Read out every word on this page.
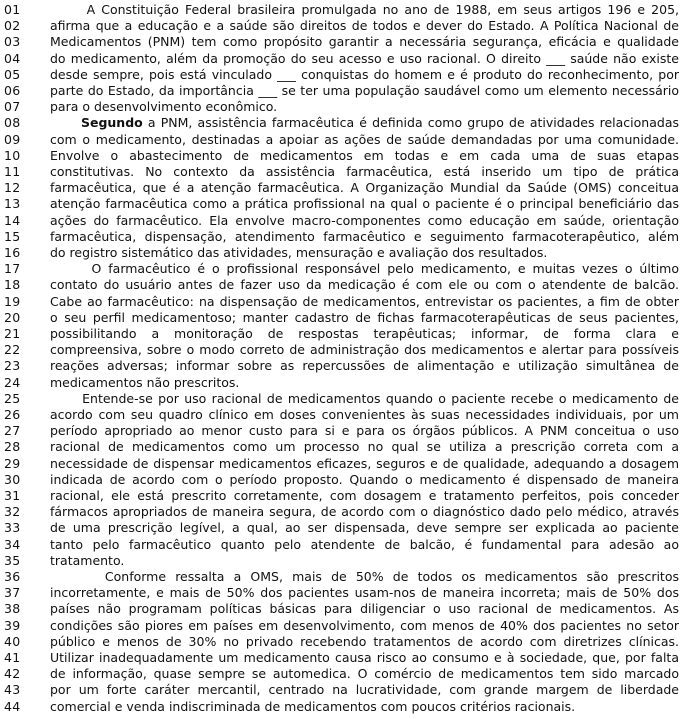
01	A Constituição Federal brasileira promulgada no ano de 1988, em seus artigos 196 e 205,
02	afirma que a educação e a saúde são direitos de todos e dever do Estado. A Política Nacional de
03	Medicamentos (PNM) tem como propósito garantir a necessária segurança, eficácia e qualidade
04	do medicamento, além da promoção do seu acesso e uso racional. O direito ___ saúde não existe
05	desde sempre, pois está vinculado ___ conquistas do homem e é produto do reconhecimento, por
06	parte do Estado, da importância ___ se ter uma população saudável como um elemento necessário
07	para o desenvolvimento econômico.
08	Segundo a PNM, assistência farmacêutica é definida como grupo de atividades relacionadas
09	com o medicamento, destinadas a apoiar as ações de saúde demandadas por uma comunidade.
10	Envolve o abastecimento de medicamentos em todas e em cada uma de suas etapas
11	constitutivas. No contexto da assistência farmacêutica, está inserido um tipo de prática
12	farmacêutica, que é a atenção farmacêutica. A Organização Mundial da Saúde (OMS) conceitua
13	atenção farmacêutica como a prática profissional na qual o paciente é o principal beneficiário das
14	ações do farmacêutico. Ela envolve macro-componentes como educação em saúde, orientação
15	farmacêutica, dispensação, atendimento farmacêutico e seguimento farmacoterapêutico, além
16	do registro sistemático das atividades, mensuração e avaliação dos resultados.
17	O farmacêutico é o profissional responsável pelo medicamento, e muitas vezes o último
18	contato do usuário antes de fazer uso da medicação é com ele ou com o atendente de balcão.
19	Cabe ao farmacêutico: na dispensação de medicamentos, entrevistar os pacientes, a fim de obter
20	o seu perfil medicamentoso; manter cadastro de fichas farmacoterapêuticas de seus pacientes,
21	possibilitando a monitoração de respostas terapêuticas; informar, de forma clara e
22	compreensiva, sobre o modo correto de administração dos medicamentos e alertar para possíveis
23	reações adversas; informar sobre as repercussões de alimentação e utilização simultânea de
24	medicamentos não prescritos.
25	Entende-se por uso racional de medicamentos quando o paciente recebe o medicamento de
26	acordo com seu quadro clínico em doses convenientes às suas necessidades individuais, por um
27	período apropriado ao menor custo para si e para os órgãos públicos. A PNM conceitua o uso
28	racional de medicamentos como um processo no qual se utiliza a prescrição correta com a
29	necessidade de dispensar medicamentos eficazes, seguros e de qualidade, adequando a dosagem
30	indicada de acordo com o período proposto. Quando o medicamento é dispensado de maneira
31	racional, ele está prescrito corretamente, com dosagem e tratamento perfeitos, pois conceder
32	fármacos apropriados de maneira segura, de acordo com o diagnóstico dado pelo médico, através
33	de uma prescrição legível, a qual, ao ser dispensada, deve sempre ser explicada ao paciente
34	tanto pelo farmacêutico quanto pelo atendente de balcão, é fundamental para adesão ao
35	tratamento.
36	Conforme ressalta a OMS, mais de 50% de todos os medicamentos são prescritos
37	incorretamente, e mais de 50% dos pacientes usam-nos de maneira incorreta; mais de 50% dos
38	países não programam políticas básicas para diligenciar o uso racional de medicamentos. As
39	condições são piores em países em desenvolvimento, com menos de 40% dos pacientes no setor
40	público e menos de 30% no privado recebendo tratamentos de acordo com diretrizes clínicas.
41	Utilizar inadequadamente um medicamento causa risco ao consumo e à sociedade, que, por falta
42	de informação, quase sempre se automedica. O comércio de medicamentos tem sido marcado
43	por um forte caráter mercantil, centrado na lucratividade, com grande margem de liberdade
44	comercial e venda indiscriminada de medicamentos com poucos critérios racionais.
